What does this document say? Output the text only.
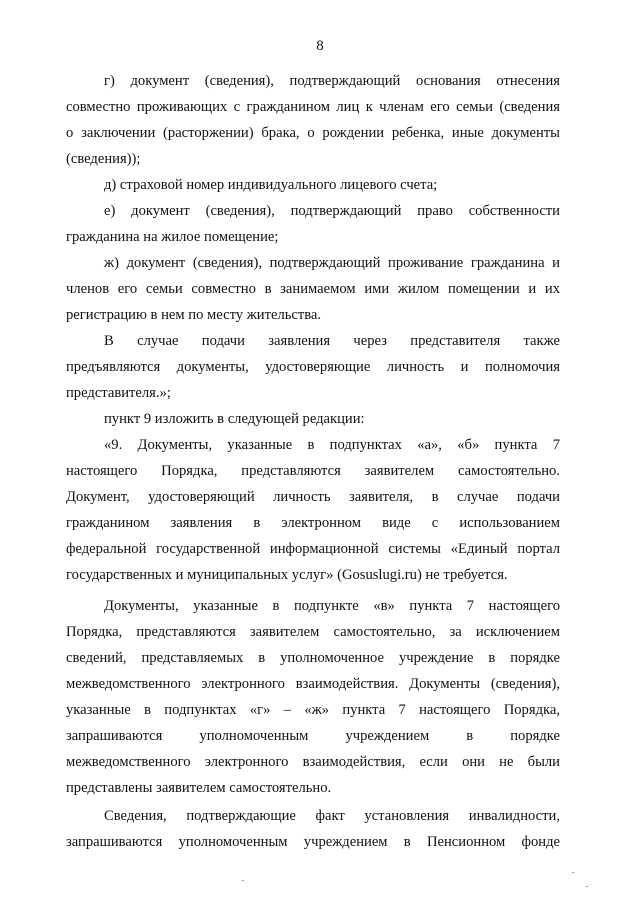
8
г) документ (сведения), подтверждающий основания отнесения
совместно проживающих с гражданином лиц к членам его семьи (сведения
о заключении (расторжении) брака, о рождении ребенка, иные документы
(сведения));
д) страховой номер индивидуального лицевого счета;
е) документ (сведения), подтверждающий право собственности
гражданина на жилое помещение;
ж) документ (сведения), подтверждающий проживание гражданина и
членов его семьи совместно в занимаемом ими жилом помещении и их
регистрацию в нем по месту жительства.
В случае подачи заявления через представителя также
предъявляются документы, удостоверяющие личность и полномочия
представителя.»;
пункт 9 изложить в следующей редакции:
«9. Документы, указанные в подпунктах «а», «б» пункта 7
настоящего Порядка, представляются заявителем самостоятельно.
Документ, удостоверяющий личность заявителя, в случае подачи
гражданином заявления в электронном виде с использованием
федеральной государственной информационной системы «Единый портал
государственных и муниципальных услуг» (Gosuslugi.ru) не требуется.
Документы, указанные в подпункте «в» пункта 7 настоящего
Порядка, представляются заявителем самостоятельно, за исключением
сведений, представляемых в уполномоченное учреждение в порядке
межведомственного электронного взаимодействия. Документы (сведения),
указанные в подпунктах «г» – «ж» пункта 7 настоящего Порядка,
запрашиваются уполномоченным учреждением в порядке
межведомственного электронного взаимодействия, если они не были
представлены заявителем самостоятельно.
Сведения, подтверждающие факт установления инвалидности,
запрашиваются уполномоченным учреждением в Пенсионном фонде
